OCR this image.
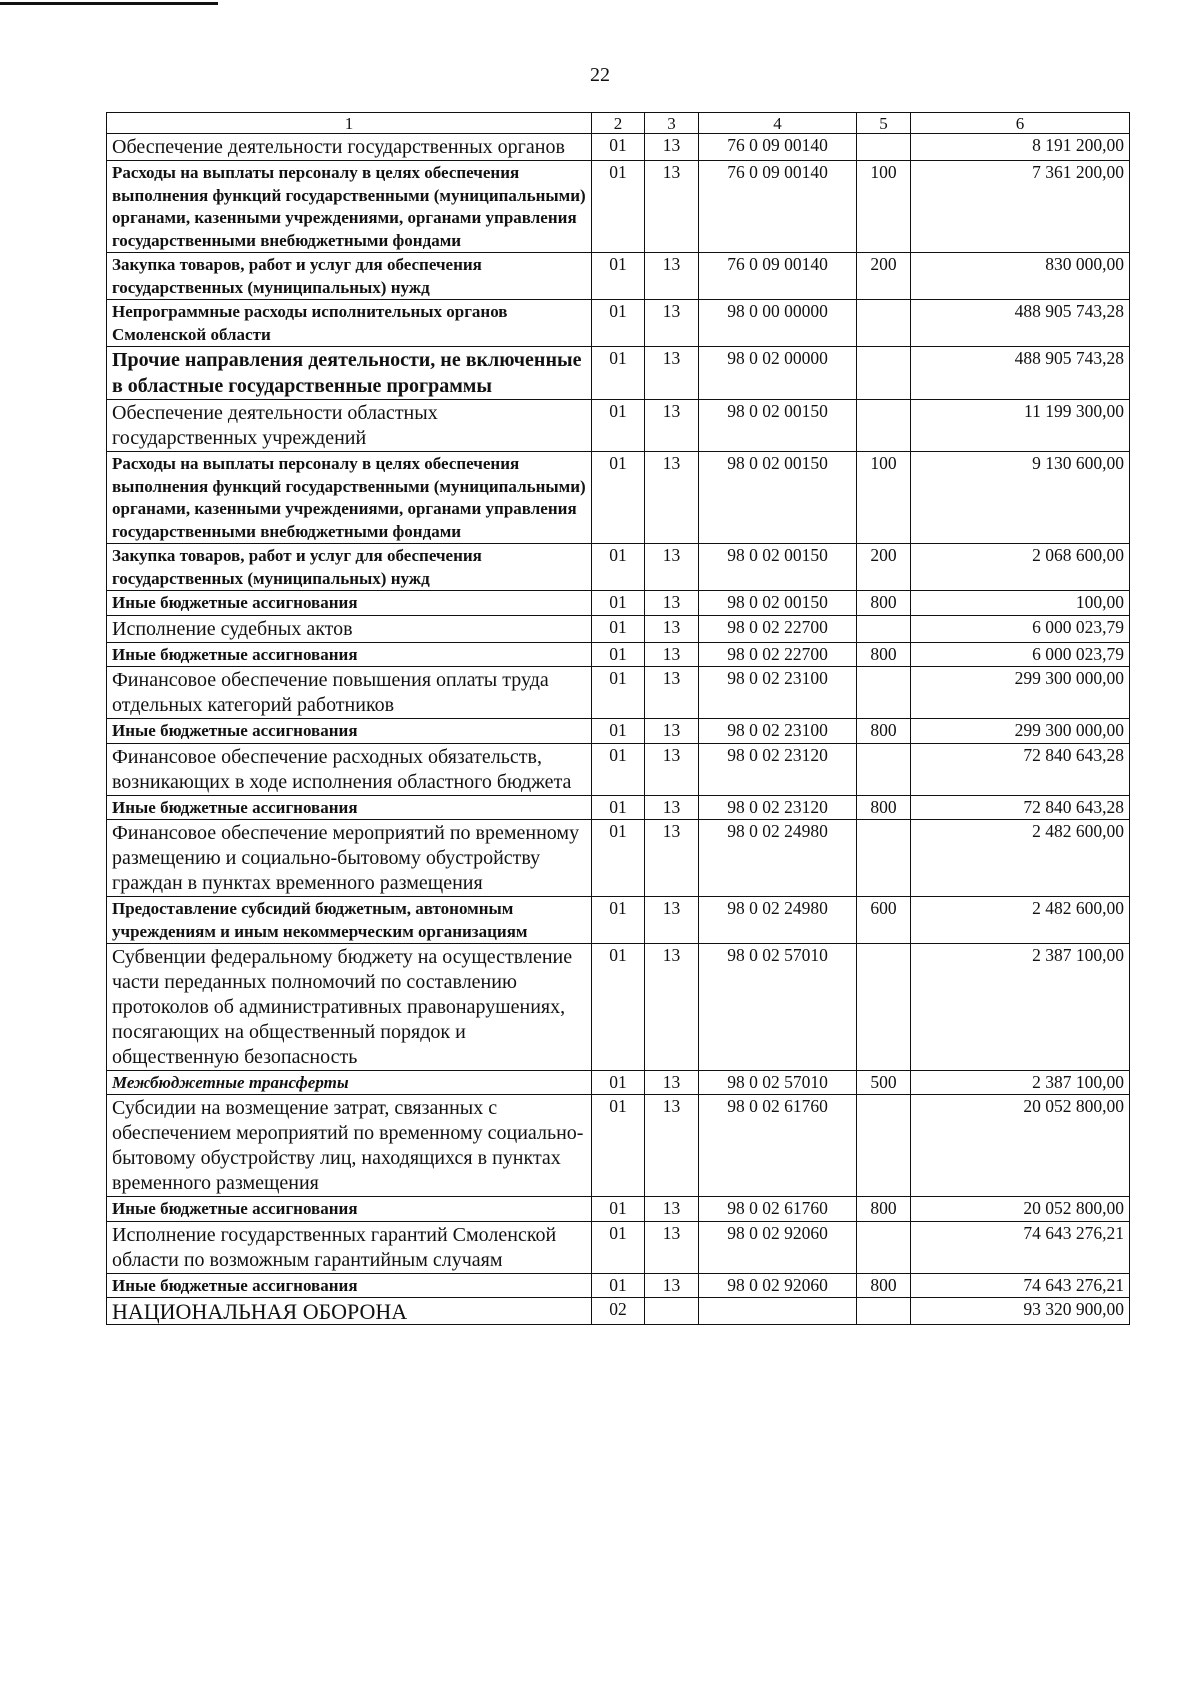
22
1	2	3	4	5	6
Обеспечение деятельности государственных органов	01	13	76 0 09 00140		8 191 200,00
Расходы на выплаты персоналу в целях обеспечения выполнения функций государственными (муниципальными) органами, казенными учреждениями, органами управления государственными внебюджетными фондами	01	13	76 0 09 00140	100	7 361 200,00
Закупка товаров, работ и услуг для обеспечения государственных (муниципальных) нужд	01	13	76 0 09 00140	200	830 000,00
Непрограммные расходы исполнительных органов Смоленской области	01	13	98 0 00 00000		488 905 743,28
Прочие направления деятельности, не включенные в областные государственные программы	01	13	98 0 02 00000		488 905 743,28
Обеспечение деятельности областных государственных учреждений	01	13	98 0 02 00150		11 199 300,00
Расходы на выплаты персоналу в целях обеспечения выполнения функций государственными (муниципальными) органами, казенными учреждениями, органами управления государственными внебюджетными фондами	01	13	98 0 02 00150	100	9 130 600,00
Закупка товаров, работ и услуг для обеспечения государственных (муниципальных) нужд	01	13	98 0 02 00150	200	2 068 600,00
Иные бюджетные ассигнования	01	13	98 0 02 00150	800	100,00
Исполнение судебных актов	01	13	98 0 02 22700		6 000 023,79
Иные бюджетные ассигнования	01	13	98 0 02 22700	800	6 000 023,79
Финансовое обеспечение повышения оплаты труда отдельных категорий работников	01	13	98 0 02 23100		299 300 000,00
Иные бюджетные ассигнования	01	13	98 0 02 23100	800	299 300 000,00
Финансовое обеспечение расходных обязательств, возникающих в ходе исполнения областного бюджета	01	13	98 0 02 23120		72 840 643,28
Иные бюджетные ассигнования	01	13	98 0 02 23120	800	72 840 643,28
Финансовое обеспечение мероприятий по временному размещению и социально-бытовому обустройству граждан в пунктах временного размещения	01	13	98 0 02 24980		2 482 600,00
Предоставление субсидий бюджетным, автономным учреждениям и иным некоммерческим организациям	01	13	98 0 02 24980	600	2 482 600,00
Субвенции федеральному бюджету на осуществление части переданных полномочий по составлению протоколов об административных правонарушениях, посягающих на общественный порядок и общественную безопасность	01	13	98 0 02 57010		2 387 100,00
Межбюджетные трансферты	01	13	98 0 02 57010	500	2 387 100,00
Субсидии на возмещение затрат, связанных с обеспечением мероприятий по временному социально-бытовому обустройству лиц, находящихся в пунктах временного размещения	01	13	98 0 02 61760		20 052 800,00
Иные бюджетные ассигнования	01	13	98 0 02 61760	800	20 052 800,00
Исполнение государственных гарантий Смоленской области по возможным гарантийным случаям	01	13	98 0 02 92060		74 643 276,21
Иные бюджетные ассигнования	01	13	98 0 02 92060	800	74 643 276,21
НАЦИОНАЛЬНАЯ ОБОРОНА	02				93 320 900,00
